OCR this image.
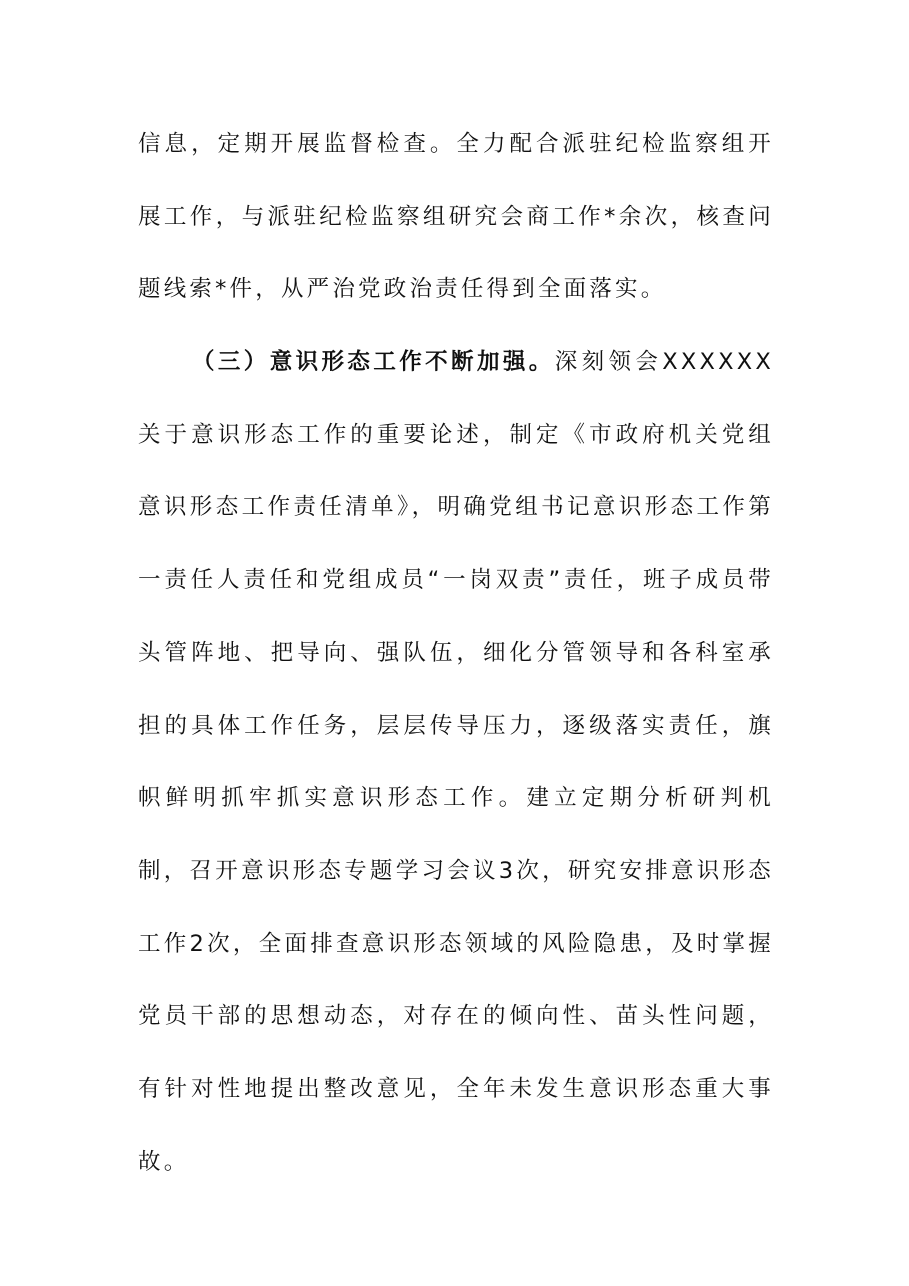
信息，定期开展监督检查。全力配合派驻纪检监察组开展工作，与派驻纪检监察组研究会商工作*余次，核查问题线索*件，从严治党政治责任得到全面落实。

（三）意识形态工作不断加强。深刻领会XXXXXX关于意识形态工作的重要论述，制定《市政府机关党组意识形态工作责任清单》，明确党组书记意识形态工作第一责任人责任和党组成员“一岗双责”责任，班子成员带头管阵地、把导向、强队伍，细化分管领导和各科室承担的具体工作任务，层层传导压力，逐级落实责任，旗帜鲜明抓牢抓实意识形态工作。建立定期分析研判机制，召开意识形态专题学习会议3次，研究安排意识形态工作2次，全面排查意识形态领域的风险隐患，及时掌握党员干部的思想动态，对存在的倾向性、苗头性问题，有针对性地提出整改意见，全年未发生意识形态重大事故。
